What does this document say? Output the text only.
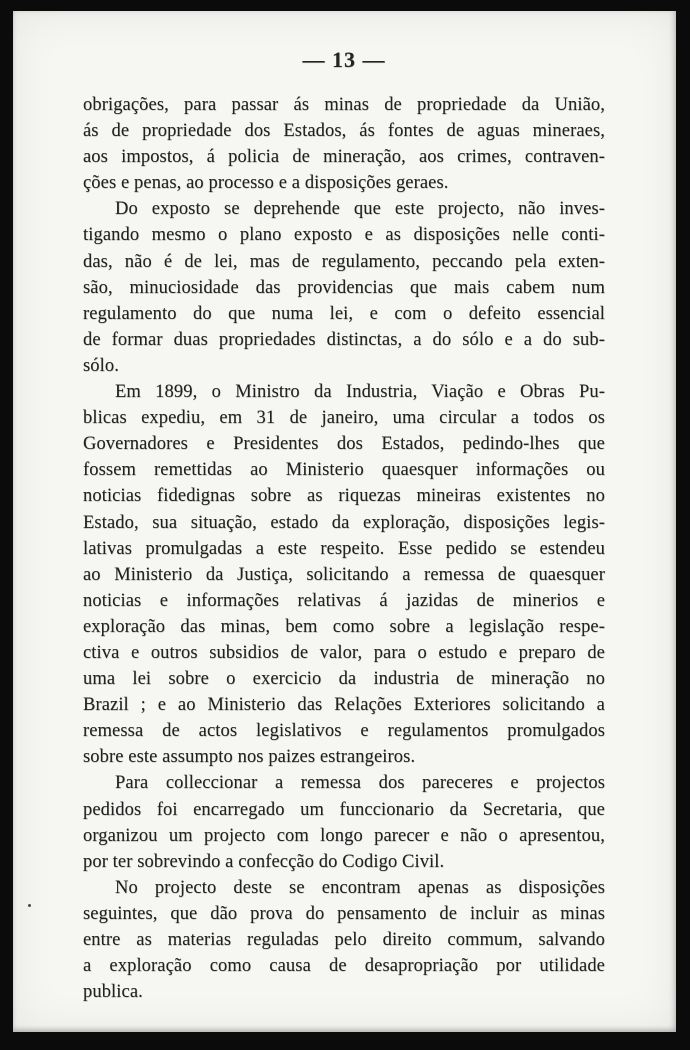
— 13 —
obrigações, para passar ás minas de propriedade da União,
ás de propriedade dos Estados, ás fontes de aguas mineraes,
aos impostos, á policia de mineração, aos crimes, contraven-
ções e penas, ao processo e a disposições geraes.
Do exposto se deprehende que este projecto, não inves-
tigando mesmo o plano exposto e as disposições nelle conti-
das, não é de lei, mas de regulamento, peccando pela exten-
são, minuciosidade das providencias que mais cabem num
regulamento do que numa lei, e com o defeito essencial
de formar duas propriedades distinctas, a do sólo e a do sub-
sólo.
Em 1899, o Ministro da Industria, Viação e Obras Pu-
blicas expediu, em 31 de janeiro, uma circular a todos os
Governadores e Presidentes dos Estados, pedindo-lhes que
fossem remettidas ao Ministerio quaesquer informações ou
noticias fidedignas sobre as riquezas mineiras existentes no
Estado, sua situação, estado da exploração, disposições legis-
lativas promulgadas a este respeito. Esse pedido se estendeu
ao Ministerio da Justiça, solicitando a remessa de quaesquer
noticias e informações relativas á jazidas de minerios e
exploração das minas, bem como sobre a legislação respe-
ctiva e outros subsidios de valor, para o estudo e preparo de
uma lei sobre o exercicio da industria de mineração no
Brazil ; e ao Ministerio das Relações Exteriores solicitando a
remessa de actos legislativos e regulamentos promulgados
sobre este assumpto nos paizes estrangeiros.
Para colleccionar a remessa dos pareceres e projectos
pedidos foi encarregado um funccionario da Secretaria, que
organizou um projecto com longo parecer e não o apresentou,
por ter sobrevindo a confecção do Codigo Civil.
No projecto deste se encontram apenas as disposições
seguintes, que dão prova do pensamento de incluir as minas
entre as materias reguladas pelo direito commum, salvando
a exploração como causa de desapropriação por utilidade
publica.
